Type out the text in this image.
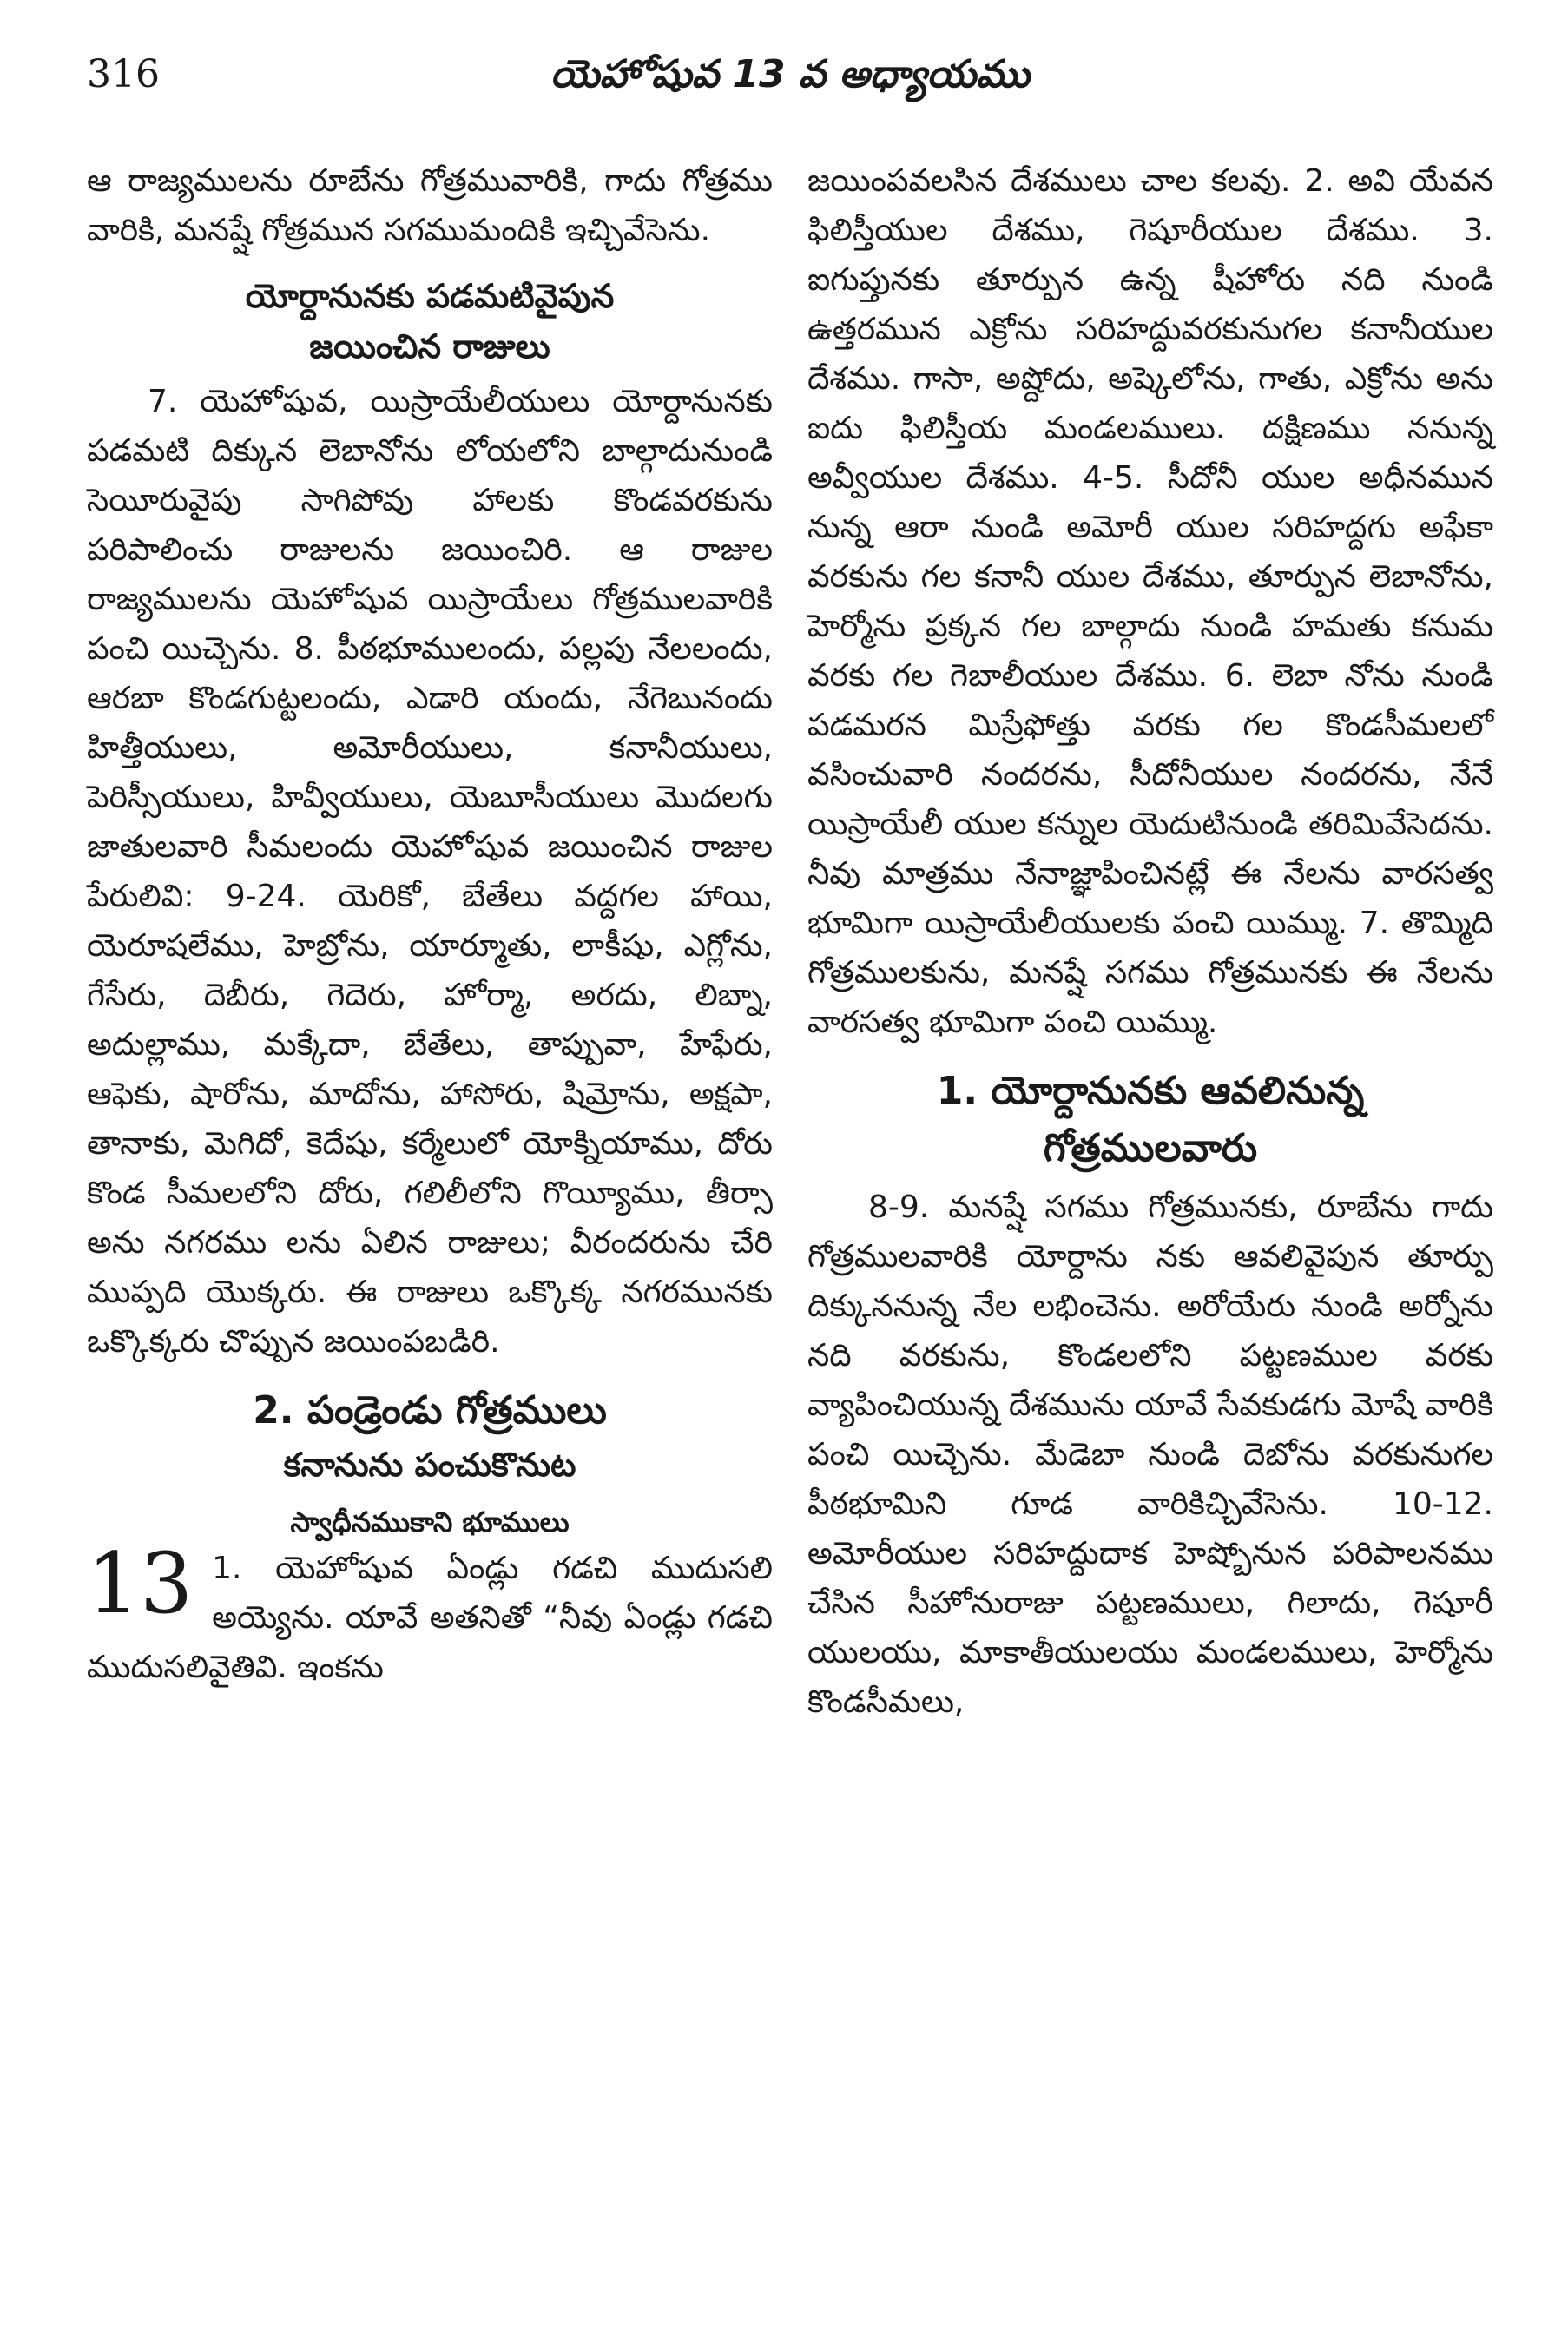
316	యెహోషువ 13 వ అధ్యాయము

ఆ రాజ్యములను రూబేను గోత్రమువారికి, గాదు గోత్రము వారికి, మనష్షే గోత్రమున సగముమందికి ఇచ్చివేసెను.

యోర్దానునకు పడమటివైపున
జయించిన రాజులు

7. యెహోషువ, యిస్రాయేలీయులు యోర్దానునకు పడమటి దిక్కున లెబానోను లోయలోని బాల్గాదునుండి సెయీరువైపు సాగిపోవు హాలకు కొండవరకును పరిపాలించు రాజులను జయించిరి. ఆ రాజుల రాజ్యములను యెహోషువ యిస్రాయేలు గోత్రములవారికి పంచి యిచ్చెను. 8. పీఠభూములందు, పల్లపు నేలలందు, ఆరబా కొండగుట్టలందు, ఎడారి యందు, నేగెబునందు హిత్తీయులు, అమోరీయులు, కనానీయులు, పెరిస్సీయులు, హివ్వీయులు, యెబూసీయులు మొదలగు జాతులవారి సీమలందు యెహోషువ జయించిన రాజుల పేరులివి: 9-24. యెరికో, బేతేలు వద్దగల హాయి, యెరూషలేము, హెబ్రోను, యార్మూతు, లాకీషు, ఎగ్లోను, గేసేరు, దెబీరు, గెదెరు, హోర్మా, అరదు, లిబ్నా, అదుల్లాము, మక్కేదా, బేతేలు, తాప్పువా, హేఫేరు, ఆఫెకు, షారోను, మాదోను, హాసోరు, షిమ్రోను, అక్షపా, తానాకు, మెగిదో, కెదేషు, కర్మేలులో యోక్నియాము, దోరు కొండ సీమలలోని దోరు, గలిలీలోని గొయ్యీము, తీర్సా అను నగరము లను ఏలిన రాజులు; వీరందరును చేరి ముప్పది యొక్కరు. ఈ రాజులు ఒక్కొక్క నగరమునకు ఒక్కొక్కరు చొప్పున జయింపబడిరి.

2. పండ్రెండు గోత్రములు
కనానును పంచుకొనుట
స్వాధీనముకాని భూములు
13 1. యెహోషువ ఏండ్లు గడచి ముదుసలి అయ్యెను. యావే అతనితో “నీవు ఏండ్లు గడచి ముదుసలివైతివి. ఇంకను

జయింపవలసిన దేశములు చాల కలవు. 2. అవి యేవన ఫిలిస్తీయుల దేశము, గెషూరీయుల దేశము. 3. ఐగుప్తునకు తూర్పున ఉన్న షీహోరు నది నుండి ఉత్తరమున ఎక్రోను సరిహద్దువరకునుగల కనానీయుల దేశము. గాసా, అష్దోదు, అష్కెలోను, గాతు, ఎక్రోను అను ఐదు ఫిలిస్తీయ మండలములు. దక్షిణము ననున్న అవ్వీయుల దేశము. 4-5. సీదోనీ యుల అధీనమున నున్న ఆరా నుండి అమోరీ యుల సరిహద్దగు అఫేకా వరకును గల కనానీ యుల దేశము, తూర్పున లెబానోను, హెర్మోను ప్రక్కన గల బాల్గాదు నుండి హమతు కనుమ వరకు గల గెబాలీయుల దేశము. 6. లెబా నోను నుండి పడమరన మిస్రేఫోత్తు వరకు గల కొండసీమలలో వసించువారి నందరను, సీదోనీయుల నందరను, నేనే యిస్రాయేలీ యుల కన్నుల యెదుటినుండి తరిమివేసెదను. నీవు మాత్రము నేనాజ్ఞాపించినట్లే ఈ నేలను వారసత్వ భూమిగా యిస్రాయేలీయులకు పంచి యిమ్ము. 7. తొమ్మిది గోత్రములకును, మనష్షే సగము గోత్రమునకు ఈ నేలను వారసత్వ భూమిగా పంచి యిమ్ము.

1. యోర్దానునకు ఆవలినున్న
గోత్రములవారు

8-9. మనష్షే సగము గోత్రమునకు, రూబేను గాదు గోత్రములవారికి యోర్దాను నకు ఆవలివైపున తూర్పు దిక్కుననున్న నేల లభించెను. అరోయేరు నుండి అర్నోను నది వరకును, కొండలలోని పట్టణముల వరకు వ్యాపించియున్న దేశమును యావే సేవకుడగు మోషే వారికి పంచి యిచ్చెను. మేడెబా నుండి దెబోను వరకునుగల పీఠభూమిని గూడ వారికిచ్చివేసెను. 10-12. అమోరీయుల సరిహద్దుదాక హెష్బోనున పరిపాలనము చేసిన సీహోనురాజు పట్టణములు, గిలాదు, గెషూరీ యులయు, మాకాతీయులయు మండలములు, హెర్మోను కొండసీమలు,
